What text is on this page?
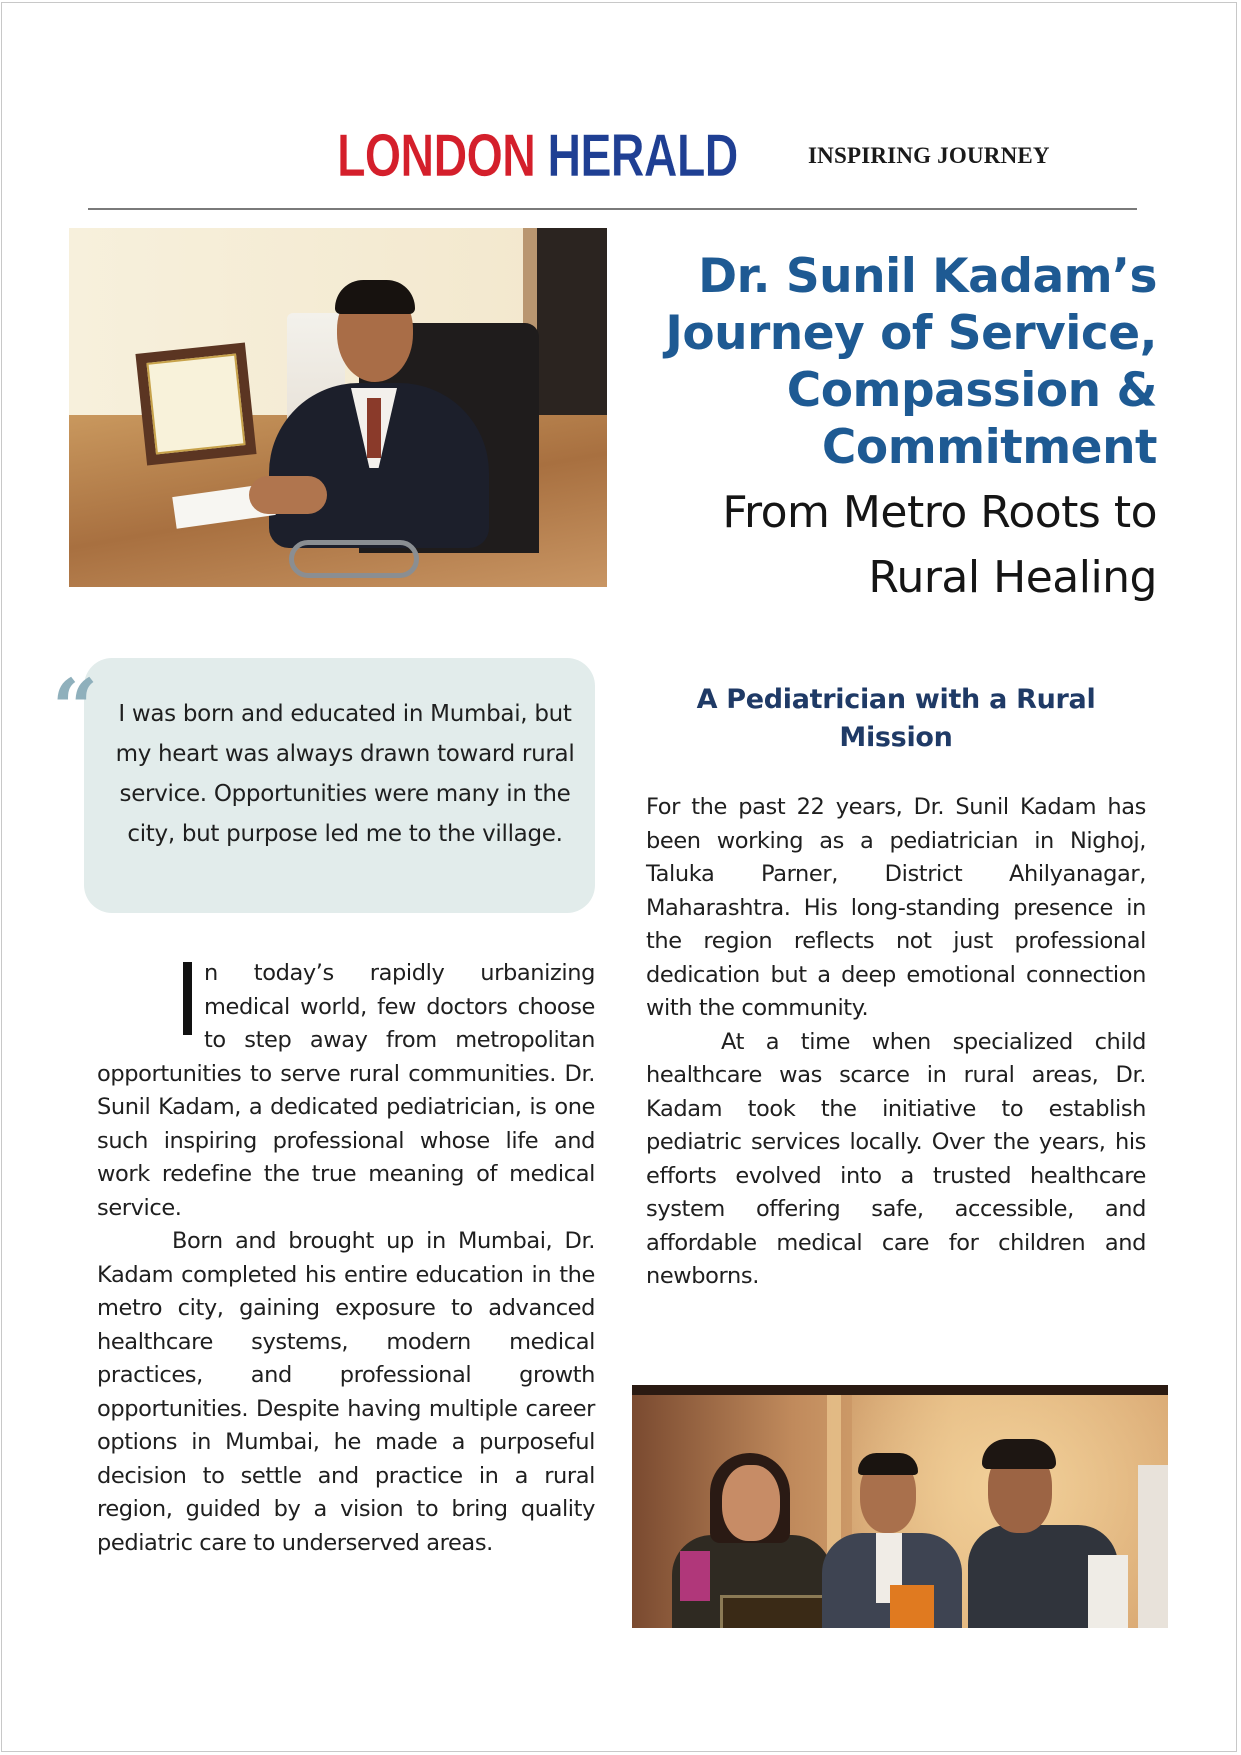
LONDON HERALD	INSPIRING JOURNEY
Dr. Sunil Kadam’s
Journey of Service,
Compassion &
Commitment
From Metro Roots to
Rural Healing
“ I was born and educated in Mumbai, but my heart was always drawn toward rural service. Opportunities were many in the city, but purpose led me to the village.

n today’s rapidly urbanizing medical world, few doctors choose to step away from metropolitan opportunities to serve rural communities. Dr. Sunil Kadam, a dedicated pediatrician, is one such inspiring professional whose life and work redefine the true meaning of medical service.

Born and brought up in Mumbai, Dr. Kadam completed his entire education in the metro city, gaining exposure to advanced healthcare systems, modern medical practices, and professional growth opportunities. Despite having multiple career options in Mumbai, he made a purposeful decision to settle and practice in a rural region, guided by a vision to bring quality pediatric care to underserved areas.

A Pediatrician with a Rural Mission

For the past 22 years, Dr. Sunil Kadam has been working as a pediatrician in Nighoj, Taluka Parner, District Ahilyanagar, Maharashtra. His long-standing presence in the region reflects not just professional dedication but a deep emotional connection with the community.

At a time when specialized child healthcare was scarce in rural areas, Dr. Kadam took the initiative to establish pediatric services locally. Over the years, his efforts evolved into a trusted healthcare system offering safe, accessible, and affordable medical care for children and newborns.
